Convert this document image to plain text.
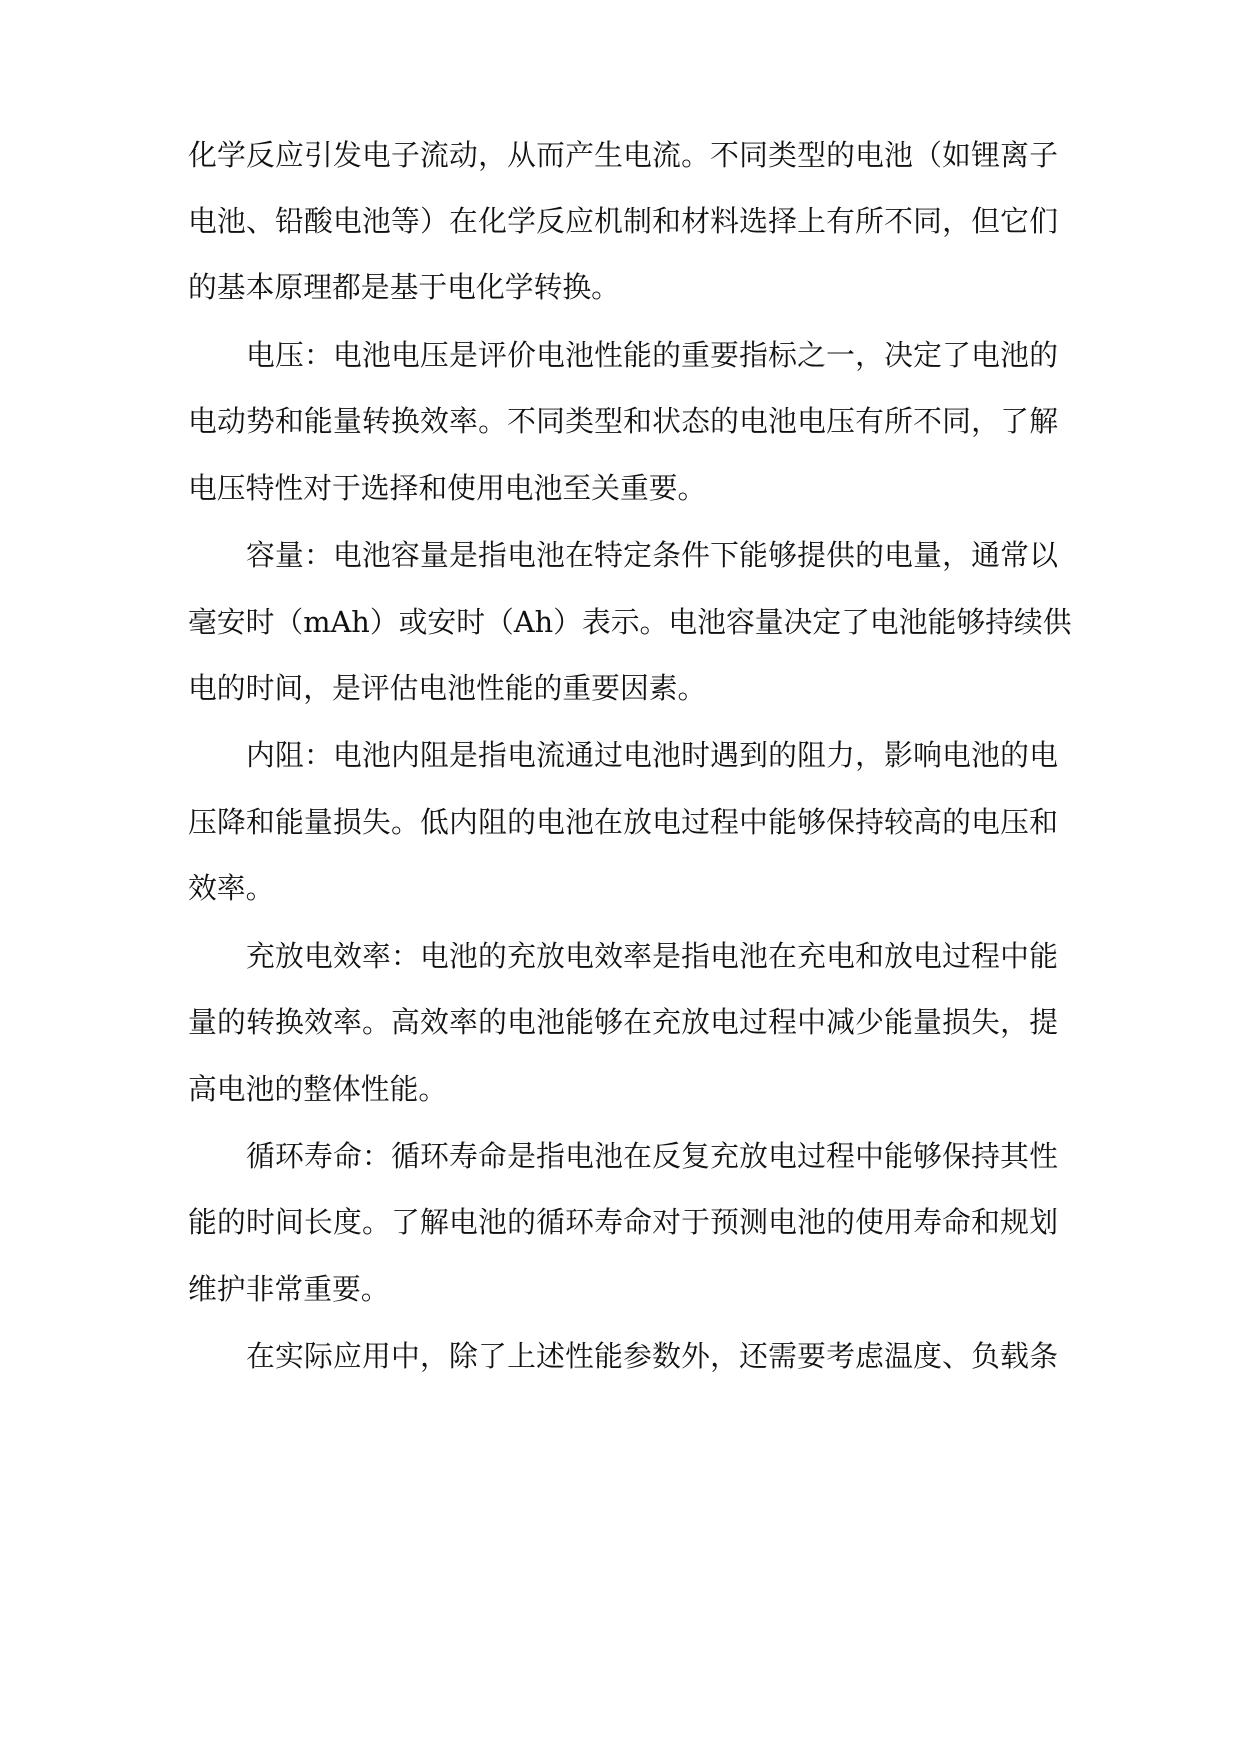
化学反应引发电子流动，从而产生电流。不同类型的电池（如锂离子
电池、铅酸电池等）在化学反应机制和材料选择上有所不同，但它们
的基本原理都是基于电化学转换。
电压：电池电压是评价电池性能的重要指标之一，决定了电池的
电动势和能量转换效率。不同类型和状态的电池电压有所不同，了解
电压特性对于选择和使用电池至关重要。
容量：电池容量是指电池在特定条件下能够提供的电量，通常以
毫安时（mAh）或安时（Ah）表示。电池容量决定了电池能够持续供
电的时间，是评估电池性能的重要因素。
内阻：电池内阻是指电流通过电池时遇到的阻力，影响电池的电
压降和能量损失。低内阻的电池在放电过程中能够保持较高的电压和
效率。
充放电效率：电池的充放电效率是指电池在充电和放电过程中能
量的转换效率。高效率的电池能够在充放电过程中减少能量损失，提
高电池的整体性能。
循环寿命：循环寿命是指电池在反复充放电过程中能够保持其性
能的时间长度。了解电池的循环寿命对于预测电池的使用寿命和规划
维护非常重要。
在实际应用中，除了上述性能参数外，还需要考虑温度、负载条
